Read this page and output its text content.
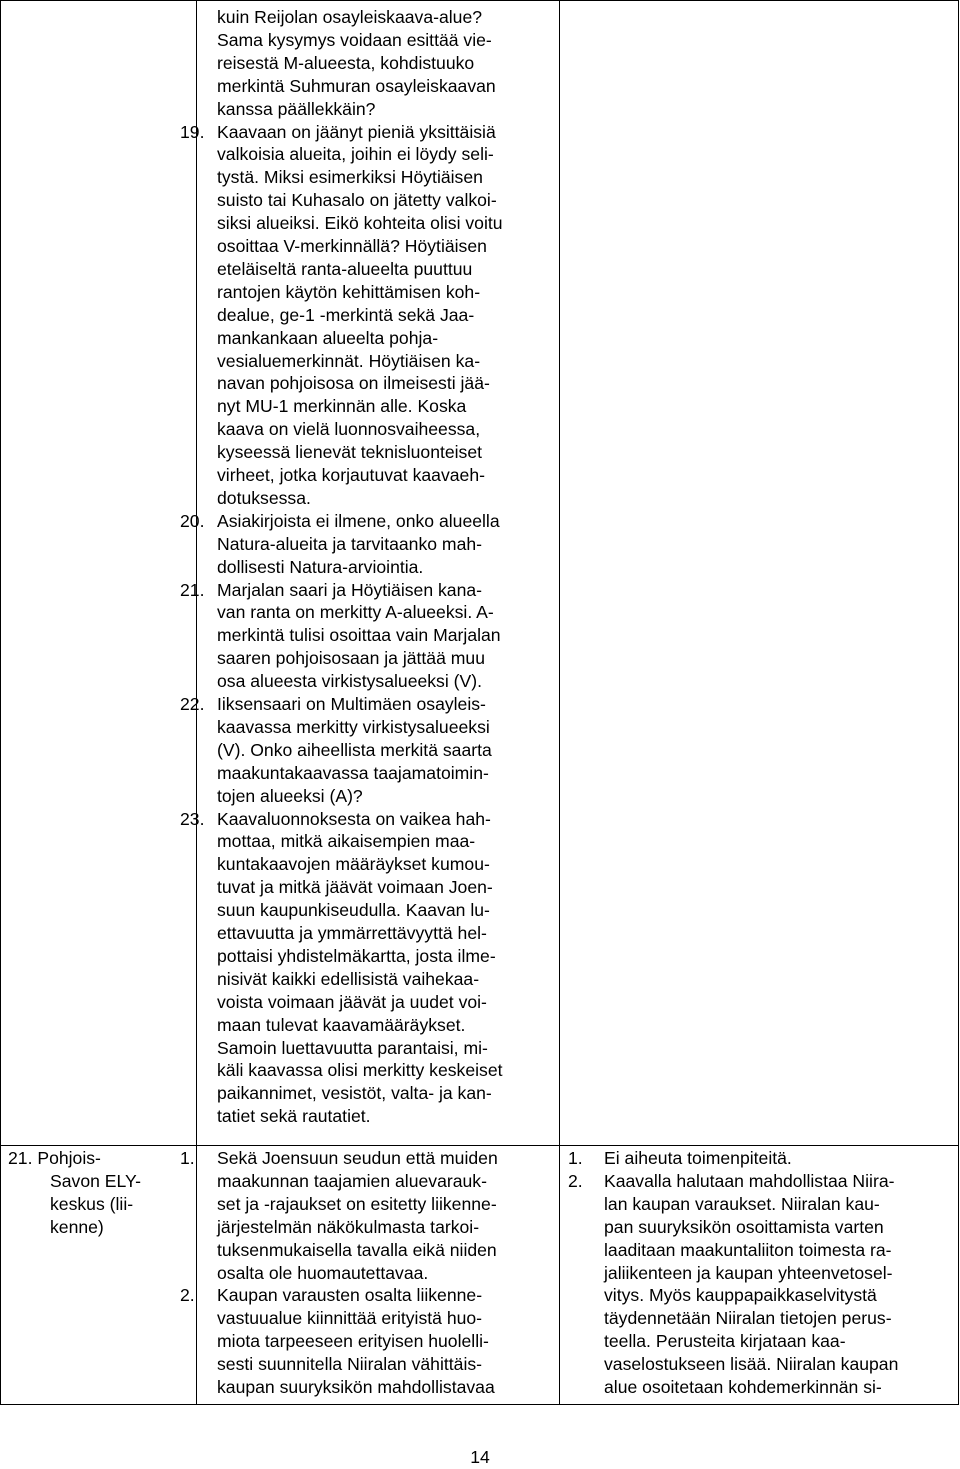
kuin Reijolan osayleiskaava-alue?
Sama kysymys voidaan esittää vie-
reisestä M-alueesta, kohdistuuko
merkintä Suhmuran osayleiskaavan
kanssa päällekkäin?
Kaavaan on jäänyt pieniä yksittäisiä
valkoisia alueita, joihin ei löydy seli-
tystä. Miksi esimerkiksi Höytiäisen
suisto tai Kuhasalo on jätetty valkoi-
siksi alueiksi. Eikö kohteita olisi voitu
osoittaa V-merkinnällä? Höytiäisen
eteläiseltä ranta-alueelta puuttuu
rantojen käytön kehittämisen koh-
dealue, ge-1 -merkintä sekä Jaa-
mankankaan alueelta pohja-
vesialuemerkinnät. Höytiäisen ka-
navan pohjoisosa on ilmeisesti jää-
nyt MU-1 merkinnän alle. Koska
kaava on vielä luonnosvaiheessa,
kyseessä lienevät teknisluonteiset
virheet, jotka korjautuvat kaavaeh-
dotuksessa.
Asiakirjoista ei ilmene, onko alueella
Natura-alueita ja tarvitaanko mah-
dollisesti Natura-arviointia.
Marjalan saari ja Höytiäisen kana-
van ranta on merkitty A-alueeksi. A-
merkintä tulisi osoittaa vain Marjalan
saaren pohjoisosaan ja jättää muu
osa alueesta virkistysalueeksi (V).
Iiksensaari on Multimäen osayleis-
kaavassa merkitty virkistysalueeksi
(V). Onko aiheellista merkitä saarta
maakuntakaavassa taajamatoimin-
tojen alueeksi (A)?
Kaavaluonnoksesta on vaikea hah-
mottaa, mitkä aikaisempien maa-
kuntakaavojen määräykset kumou-
tuvat ja mitkä jäävät voimaan Joen-
suun kaupunkiseudulla. Kaavan lu-
ettavuutta ja ymmärrettävyyttä hel-
pottaisi yhdistelmäkartta, josta ilme-
nisivät kaikki edellisistä vaihekaa-
voista voimaan jäävät ja uudet voi-
maan tulevat kaavamääräykset.
Samoin luettavuutta parantaisi, mi-
käli kaavassa olisi merkitty keskeiset
paikannimet, vesistöt, valta- ja kan-
tatiet sekä rautatiet.
19.
20.
21.
22.
23.
21. Pohjois-
Savon ELY-
keskus (lii-
kenne)
Sekä Joensuun seudun että muiden
maakunnan taajamien aluevarauk-
set ja -rajaukset on esitetty liikenne-
järjestelmän näkökulmasta tarkoi-
tuksenmukaisella tavalla eikä niiden
osalta ole huomautettavaa.
Kaupan varausten osalta liikenne-
vastuualue kiinnittää erityistä huo-
miota tarpeeseen erityisen huolelli-
sesti suunnitella Niiralan vähittäis-
kaupan suuryksikön mahdollistavaa
1.
2.
Ei aiheuta toimenpiteitä.
Kaavalla halutaan mahdollistaa Niira-
lan kaupan varaukset. Niiralan kau-
pan suuryksikön osoittamista varten
laaditaan maakuntaliiton toimesta ra-
jaliikenteen ja kaupan yhteenvetosel-
vitys. Myös kauppapaikkaselvitystä
täydennetään Niiralan tietojen perus-
teella. Perusteita kirjataan kaa-
vaselostukseen lisää. Niiralan kaupan
alue osoitetaan kohdemerkinnän si-
1.
2.
14
